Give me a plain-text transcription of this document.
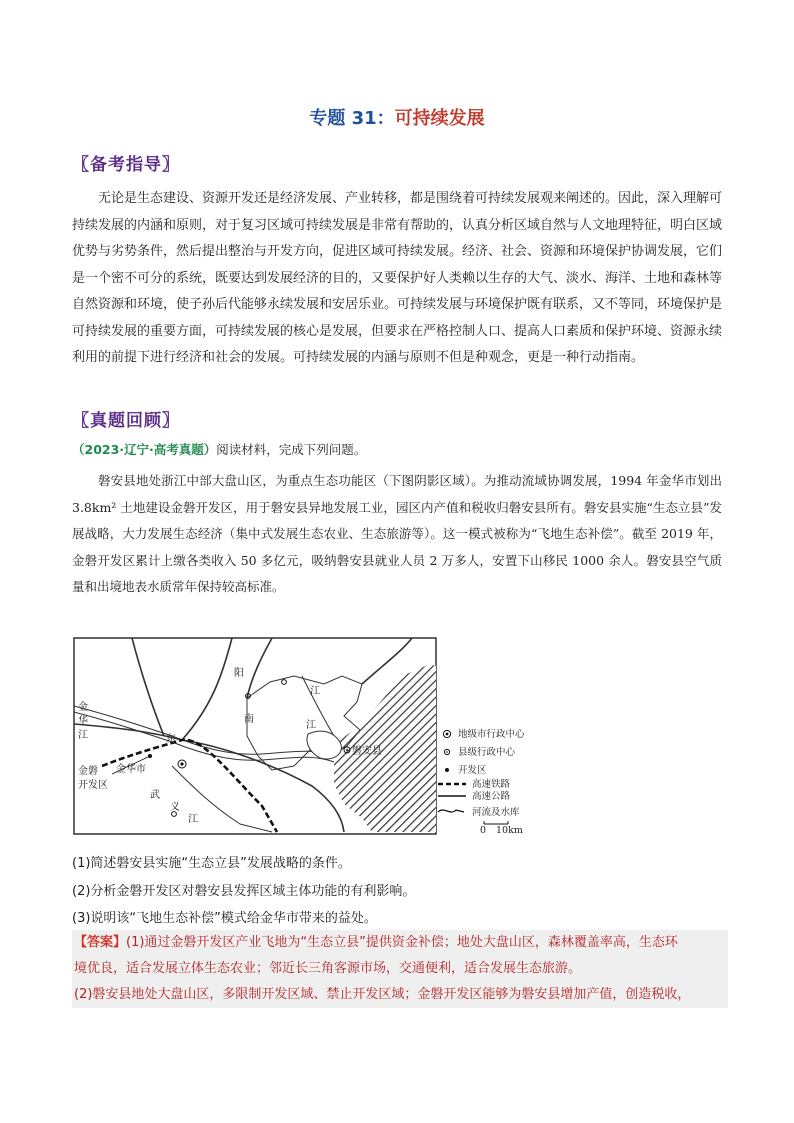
专题 31：可持续发展
〖备考指导〗
无论是生态建设、资源开发还是经济发展、产业转移，都是围绕着可持续发展观来阐述的。因此，深入理解可持续发展的内涵和原则，对于复习区域可持续发展是非常有帮助的，认真分析区域自然与人文地理特征，明白区域优势与劣势条件，然后提出整治与开发方向，促进区域可持续发展。经济、社会、资源和环境保护协调发展，它们是一个密不可分的系统，既要达到发展经济的目的，又要保护好人类赖以生存的大气、淡水、海洋、土地和森林等自然资源和环境，使子孙后代能够永续发展和安居乐业。可持续发展与环境保护既有联系，又不等同，环境保护是可持续发展的重要方面，可持续发展的核心是发展，但要求在严格控制人口、提高人口素质和保护环境、资源永续利用的前提下进行经济和社会的发展。可持续发展的内涵与原则不但是种观念，更是一种行动指南。
〖真题回顾〗
（2023·辽宁·高考真题）阅读材料，完成下列问题。
磐安县地处浙江中部大盘山区，为重点生态功能区（下图阴影区域）。为推动流域协调发展，1994 年金华市划出 3.8km² 土地建设金磐开发区，用于磐安县异地发展工业，园区内产值和税收归磐安县所有。磐安县实施“生态立县”发展战略，大力发展生态经济（集中式发展生态农业、生态旅游等）。这一模式被称为“飞地生态补偿”。截至 2019 年，金磐开发区累计上缴各类收入 50 多亿元，吸纳磐安县就业人员 2 万多人，安置下山移民 1000 余人。磐安县空气质量和出境地表水质常年保持较高标准。
金
华
江
金磐
开发区
金华市
东
武
义
江
阳
江
南
江
磐安县
地级市行政中心
县级行政中心
开发区
高速铁路
高速公路
河流及水库
0 10km
(1)简述磐安县实施“生态立县”发展战略的条件。
(2)分析金磐开发区对磐安县发挥区域主体功能的有利影响。
(3)说明该“飞地生态补偿”模式给金华市带来的益处。
【答案】(1)通过金磐开发区产业飞地为“生态立县”提供资金补偿；地处大盘山区，森林覆盖率高，生态环
境优良，适合发展立体生态农业；邻近长三角客源市场，交通便利，适合发展生态旅游。
(2)磐安县地处大盘山区，多限制开发区域、禁止开发区域；金磐开发区能够为磐安县增加产值，创造税收，
